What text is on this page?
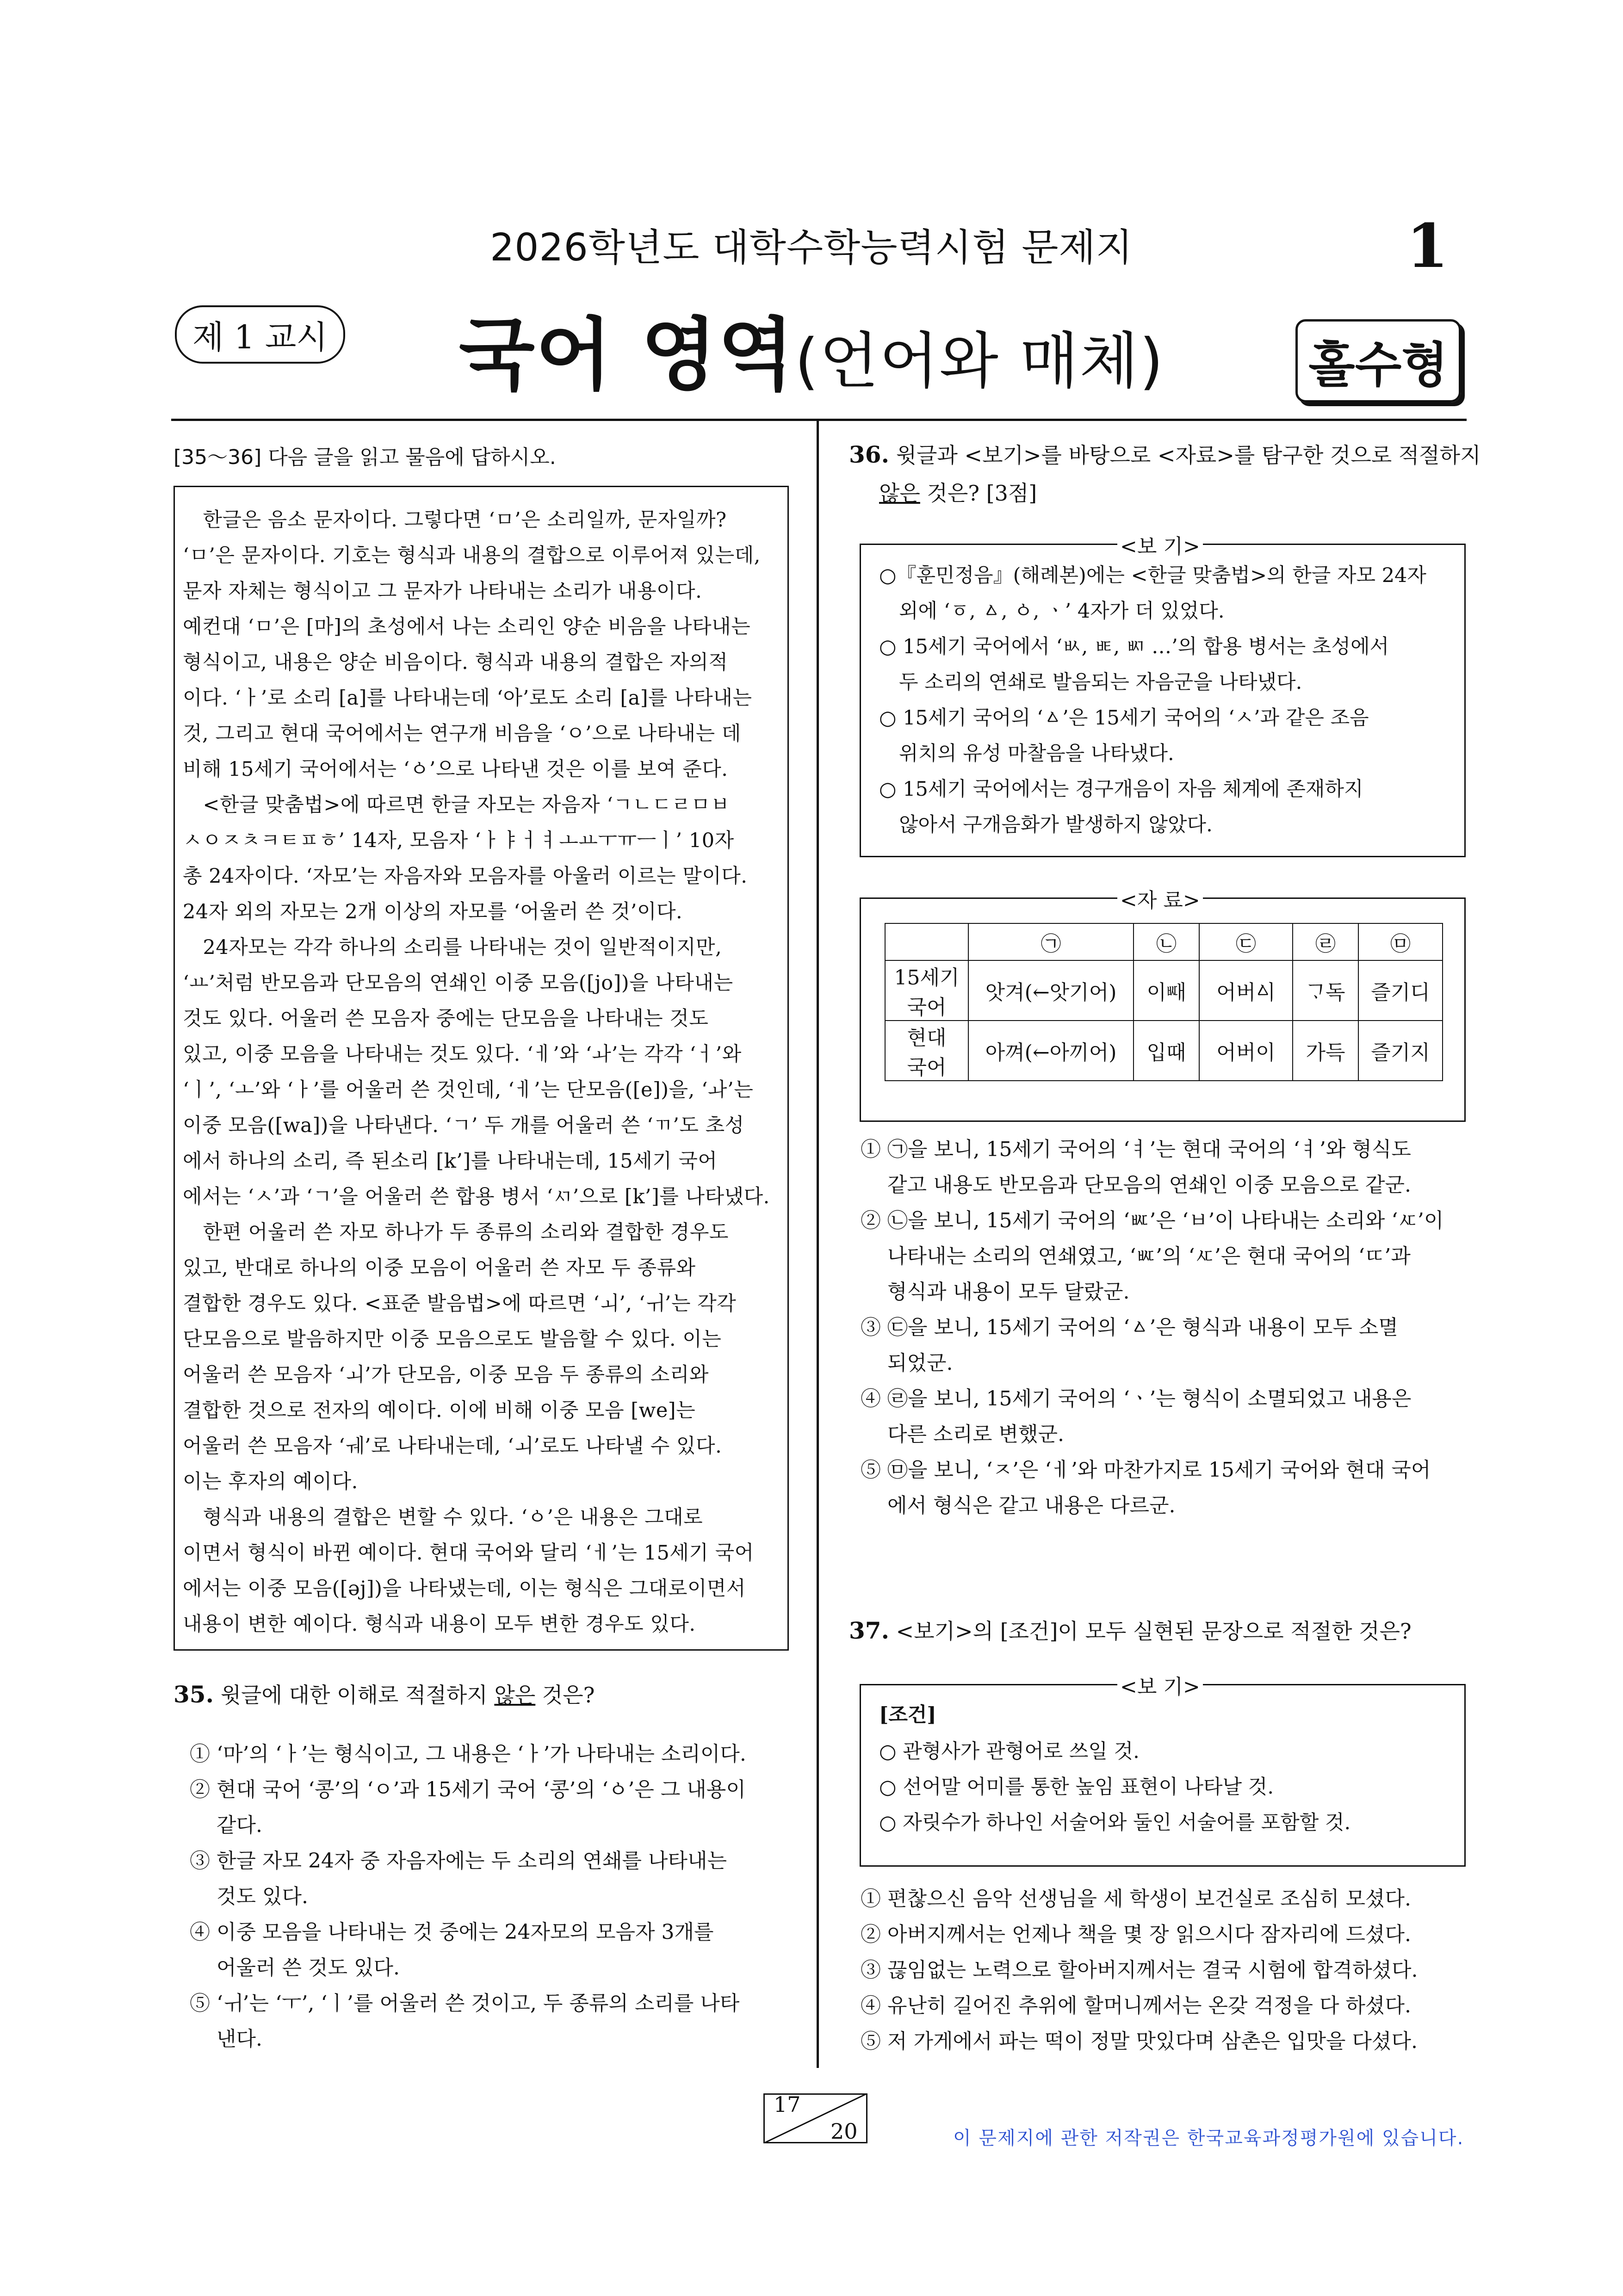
2026학년도 대학수학능력시험 문제지	1
제 1 교시	국어 영역(언어와 매체)	홀수형
[35～36] 다음 글을 읽고 물음에 답하시오.
　한글은 음소 문자이다. 그렇다면 ‘ㅁ’은 소리일까, 문자일까?
‘ㅁ’은 문자이다. 기호는 형식과 내용의 결합으로 이루어져 있는데,
문자 자체는 형식이고 그 문자가 나타내는 소리가 내용이다.
예컨대 ‘ㅁ’은 [마]의 초성에서 나는 소리인 양순 비음을 나타내는
형식이고, 내용은 양순 비음이다. 형식과 내용의 결합은 자의적
이다. ‘ㅏ’로 소리 [a]를 나타내는데 ‘아’로도 소리 [a]를 나타내는
것, 그리고 현대 국어에서는 연구개 비음을 ‘ㅇ’으로 나타내는 데
비해 15세기 국어에서는 ‘ㆁ’으로 나타낸 것은 이를 보여 준다.
　<한글 맞춤법>에 따르면 한글 자모는 자음자 ‘ㄱㄴㄷㄹㅁㅂ
ㅅㅇㅈㅊㅋㅌㅍㅎ’ 14자, 모음자 ‘ㅏㅑㅓㅕㅗㅛㅜㅠㅡㅣ’ 10자
총 24자이다. ‘자모’는 자음자와 모음자를 아울러 이르는 말이다.
24자 외의 자모는 2개 이상의 자모를 ‘어울러 쓴 것’이다.
　24자모는 각각 하나의 소리를 나타내는 것이 일반적이지만,
‘ㅛ’처럼 반모음과 단모음의 연쇄인 이중 모음([jo])을 나타내는
것도 있다. 어울러 쓴 모음자 중에는 단모음을 나타내는 것도
있고, 이중 모음을 나타내는 것도 있다. ‘ㅔ’와 ‘ㅘ’는 각각 ‘ㅓ’와
‘ㅣ’, ‘ㅗ’와 ‘ㅏ’를 어울러 쓴 것인데, ‘ㅔ’는 단모음([e])을, ‘ㅘ’는
이중 모음([wa])을 나타낸다. ‘ㄱ’ 두 개를 어울러 쓴 ‘ㄲ’도 초성
에서 하나의 소리, 즉 된소리 [k’]를 나타내는데, 15세기 국어
에서는 ‘ㅅ’과 ‘ㄱ’을 어울러 쓴 합용 병서 ‘ㅺ’으로 [k’]를 나타냈다.
　한편 어울러 쓴 자모 하나가 두 종류의 소리와 결합한 경우도
있고, 반대로 하나의 이중 모음이 어울러 쓴 자모 두 종류와
결합한 경우도 있다. <표준 발음법>에 따르면 ‘ㅚ’, ‘ㅟ’는 각각
단모음으로 발음하지만 이중 모음으로도 발음할 수 있다. 이는
어울러 쓴 모음자 ‘ㅚ’가 단모음, 이중 모음 두 종류의 소리와
결합한 것으로 전자의 예이다. 이에 비해 이중 모음 [we]는
어울러 쓴 모음자 ‘ㅞ’로 나타내는데, ‘ㅚ’로도 나타낼 수 있다.
이는 후자의 예이다.
　형식과 내용의 결합은 변할 수 있다. ‘ㆁ’은 내용은 그대로
이면서 형식이 바뀐 예이다. 현대 국어와 달리 ‘ㅔ’는 15세기 국어
에서는 이중 모음([əj])을 나타냈는데, 이는 형식은 그대로이면서
내용이 변한 예이다. 형식과 내용이 모두 변한 경우도 있다.
35. 윗글에 대한 이해로 적절하지 않은 것은?
① ‘마’의 ‘ㅏ’는 형식이고, 그 내용은 ‘ㅏ’가 나타내는 소리이다.
② 현대 국어 ‘콩’의 ‘ㅇ’과 15세기 국어 ‘콩’의 ‘ㆁ’은 그 내용이
　 같다.
③ 한글 자모 24자 중 자음자에는 두 소리의 연쇄를 나타내는
　 것도 있다.
④ 이중 모음을 나타내는 것 중에는 24자모의 모음자 3개를
　 어울러 쓴 것도 있다.
⑤ ‘ㅟ’는 ‘ㅜ’, ‘ㅣ’를 어울러 쓴 것이고, 두 종류의 소리를 나타
　 낸다.
36. 윗글과 <보기>를 바탕으로 <자료>를 탐구한 것으로 적절하지
않은 것은? [3점]
<보 기>
○『훈민정음』(해례본)에는 <한글 맞춤법>의 한글 자모 24자
　외에 ‘ㆆ, ㅿ, ㆁ, ㆍ’ 4자가 더 있었다.
○ 15세기 국어에서 ‘ㅄ, ㅷ, ㅴ …’의 합용 병서는 초성에서
　두 소리의 연쇄로 발음되는 자음군을 나타냈다.
○ 15세기 국어의 ‘ㅿ’은 15세기 국어의 ‘ㅅ’과 같은 조음
　위치의 유성 마찰음을 나타냈다.
○ 15세기 국어에서는 경구개음이 자음 체계에 존재하지
　않아서 구개음화가 발생하지 않았다.
<자 료>
	㉠	㉡	㉢	㉣	㉤
15세기
국어	앗겨(←앗기어)	이ᄣᅢ	어버ᅀᅵ	ᄀᆞ독	즐기디
현대
국어	아껴(←아끼어)	입때	어버이	가득	즐기지
① ㉠을 보니, 15세기 국어의 ‘ㅕ’는 현대 국어의 ‘ㅕ’와 형식도
　 같고 내용도 반모음과 단모음의 연쇄인 이중 모음으로 같군.
② ㉡을 보니, 15세기 국어의 ‘ㅵ’은 ‘ㅂ’이 나타내는 소리와 ‘ㅼ’이
　 나타내는 소리의 연쇄였고, ‘ㅵ’의 ‘ㅼ’은 현대 국어의 ‘ㄸ’과
　 형식과 내용이 모두 달랐군.
③ ㉢을 보니, 15세기 국어의 ‘ㅿ’은 형식과 내용이 모두 소멸
　 되었군.
④ ㉣을 보니, 15세기 국어의 ‘ㆍ’는 형식이 소멸되었고 내용은
　 다른 소리로 변했군.
⑤ ㉤을 보니, ‘ㅈ’은 ‘ㅔ’와 마찬가지로 15세기 국어와 현대 국어
　 에서 형식은 같고 내용은 다르군.
37. <보기>의 [조건]이 모두 실현된 문장으로 적절한 것은?
<보 기>
[조건]
○ 관형사가 관형어로 쓰일 것.
○ 선어말 어미를 통한 높임 표현이 나타날 것.
○ 자릿수가 하나인 서술어와 둘인 서술어를 포함할 것.
① 편찮으신 음악 선생님을 세 학생이 보건실로 조심히 모셨다.
② 아버지께서는 언제나 책을 몇 장 읽으시다 잠자리에 드셨다.
③ 끊임없는 노력으로 할아버지께서는 결국 시험에 합격하셨다.
④ 유난히 길어진 추위에 할머니께서는 온갖 걱정을 다 하셨다.
⑤ 저 가게에서 파는 떡이 정말 맛있다며 삼촌은 입맛을 다셨다.
17
20	이 문제지에 관한 저작권은 한국교육과정평가원에 있습니다.
